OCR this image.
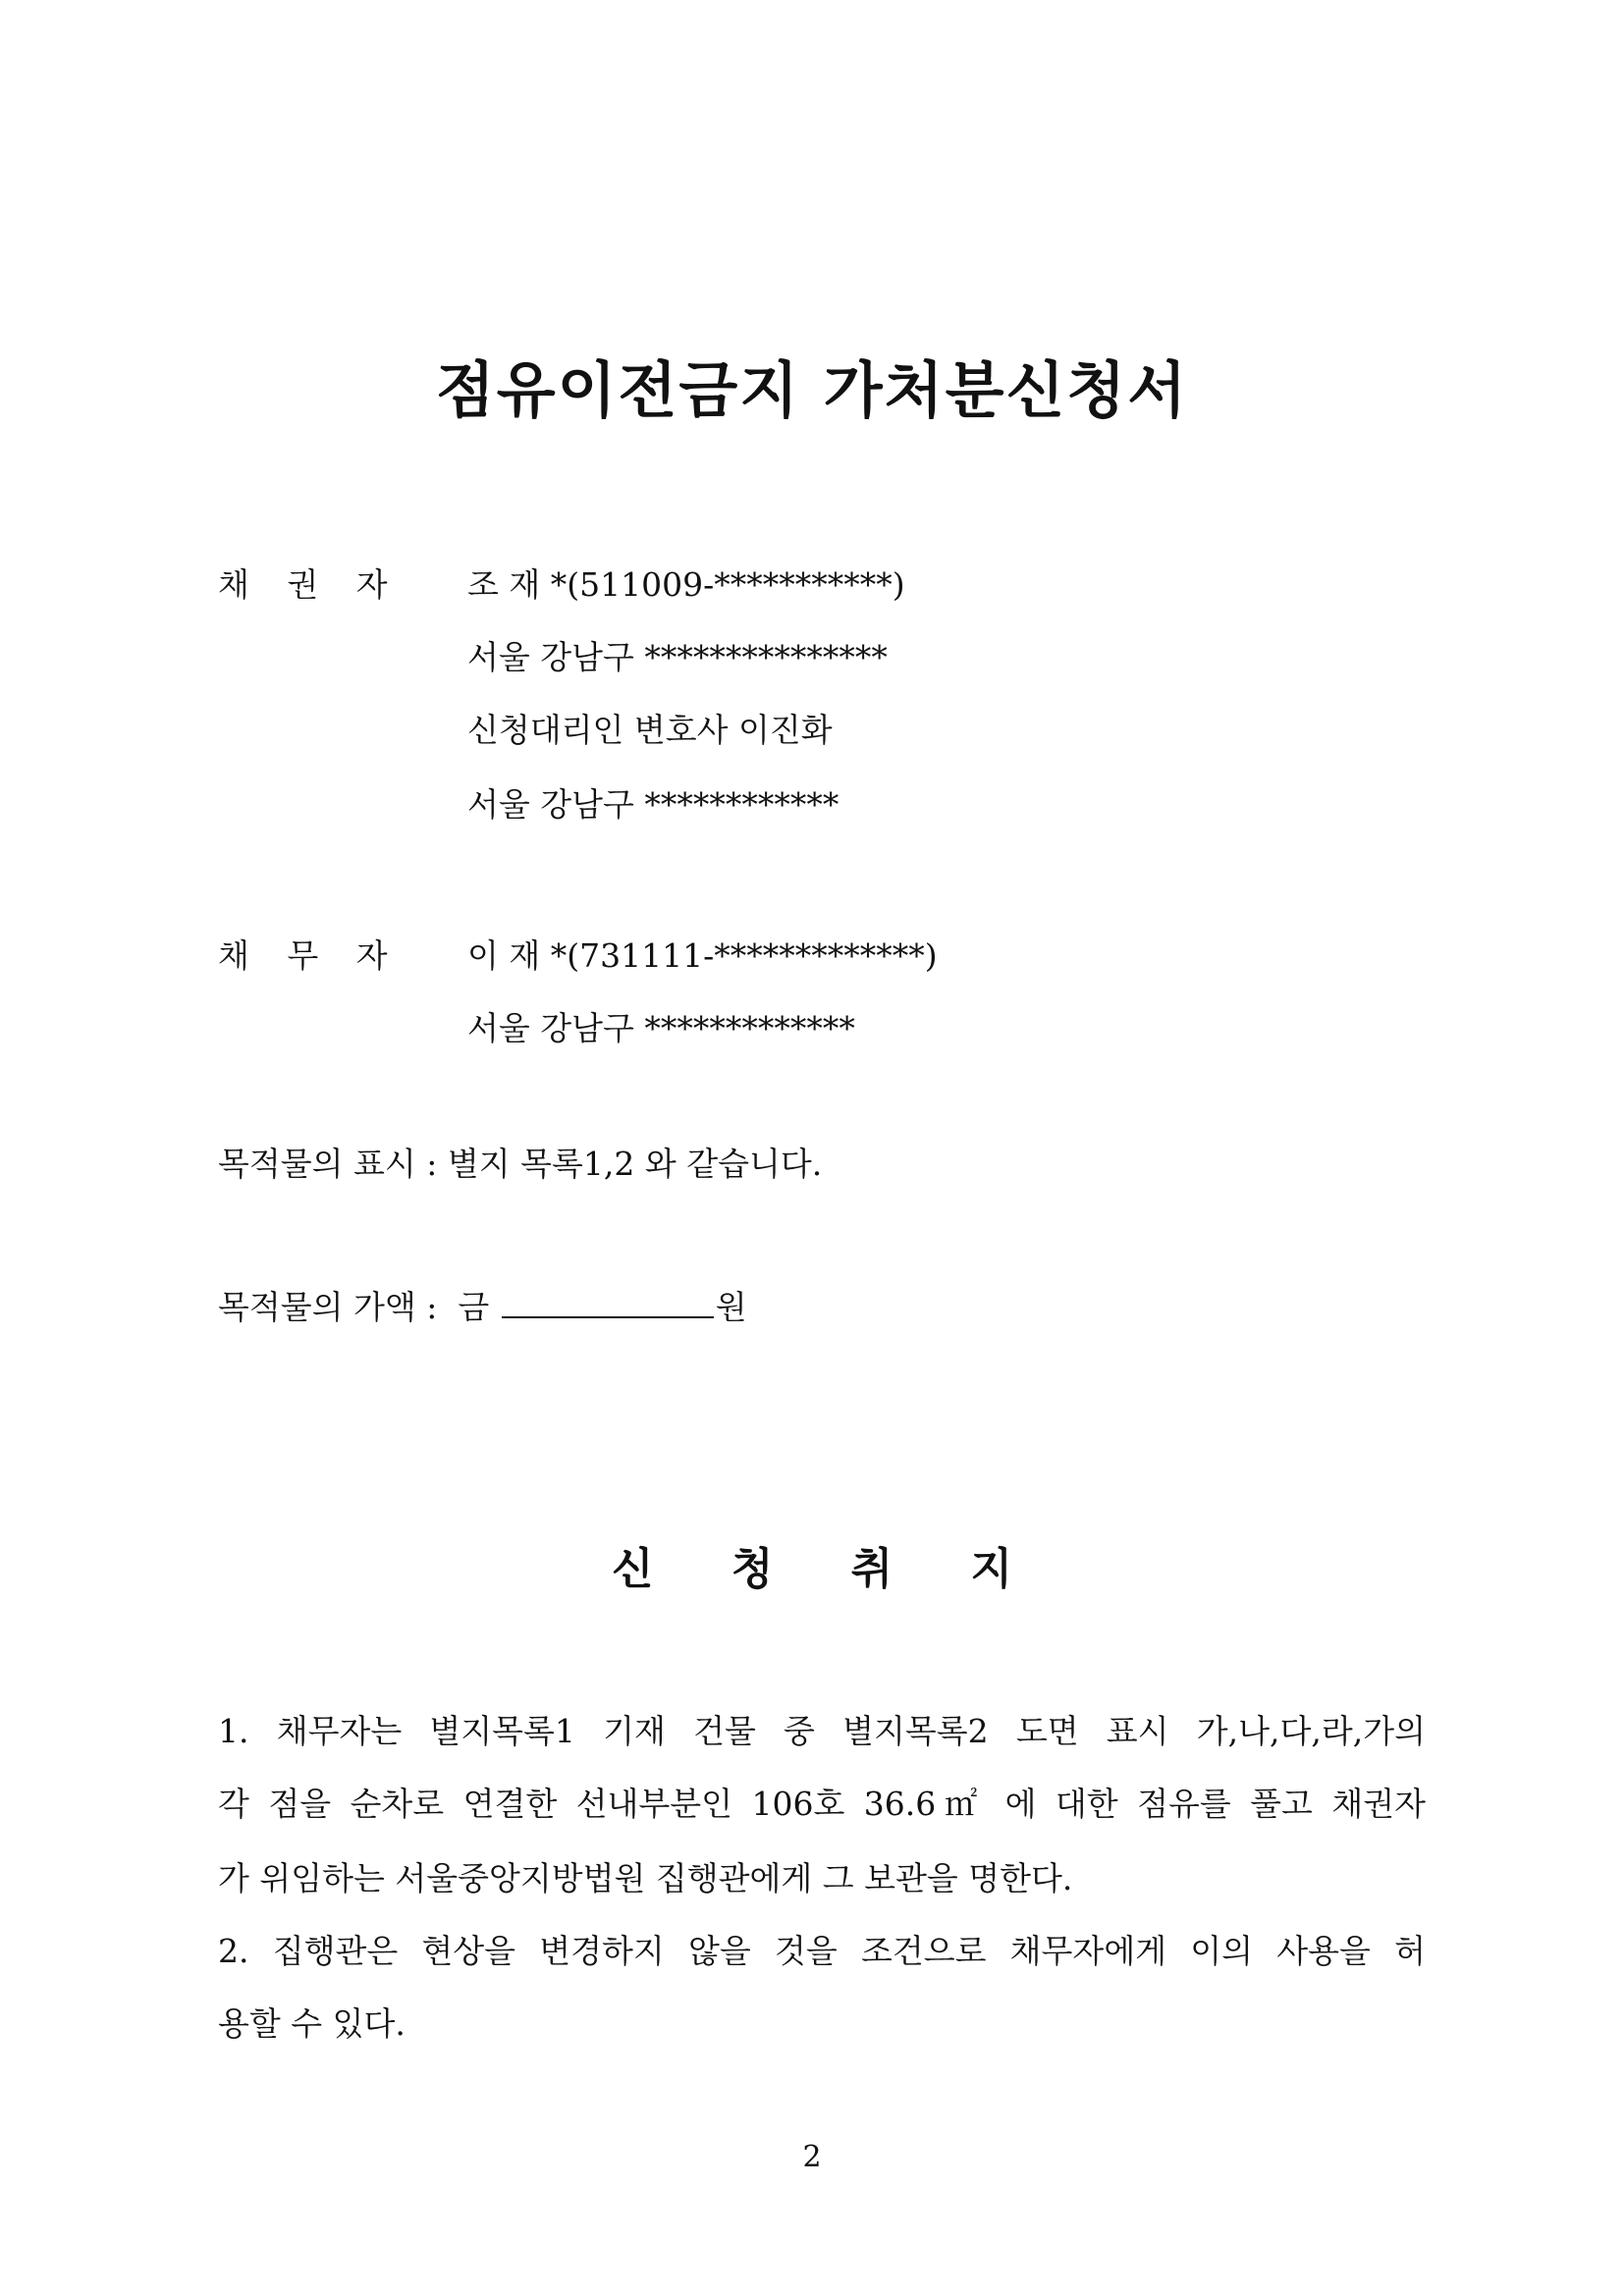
점유이전금지 가처분신청서
채 권 자 조 재 *(511009-***********)
서울 강남구 ***************
신청대리인 변호사 이진화
서울 강남구 ************
채 무 자 이 재 *(731111-*************)
서울 강남구 *************
목적물의 표시 : 별지 목록1,2 와 같습니다.
목적물의 가액 :  금	원
신 청 취 지
1. 채무자는 별지목록1 기재 건물 중 별지목록2 도면 표시 가,나,다,라,가의
각 점을 순차로 연결한 선내부분인 106호 36.6㎡ 에 대한 점유를 풀고 채권자
가 위임하는 서울중앙지방법원 집행관에게 그 보관을 명한다.
2. 집행관은 현상을 변경하지 않을 것을 조건으로 채무자에게 이의 사용을 허
용할 수 있다.
2
